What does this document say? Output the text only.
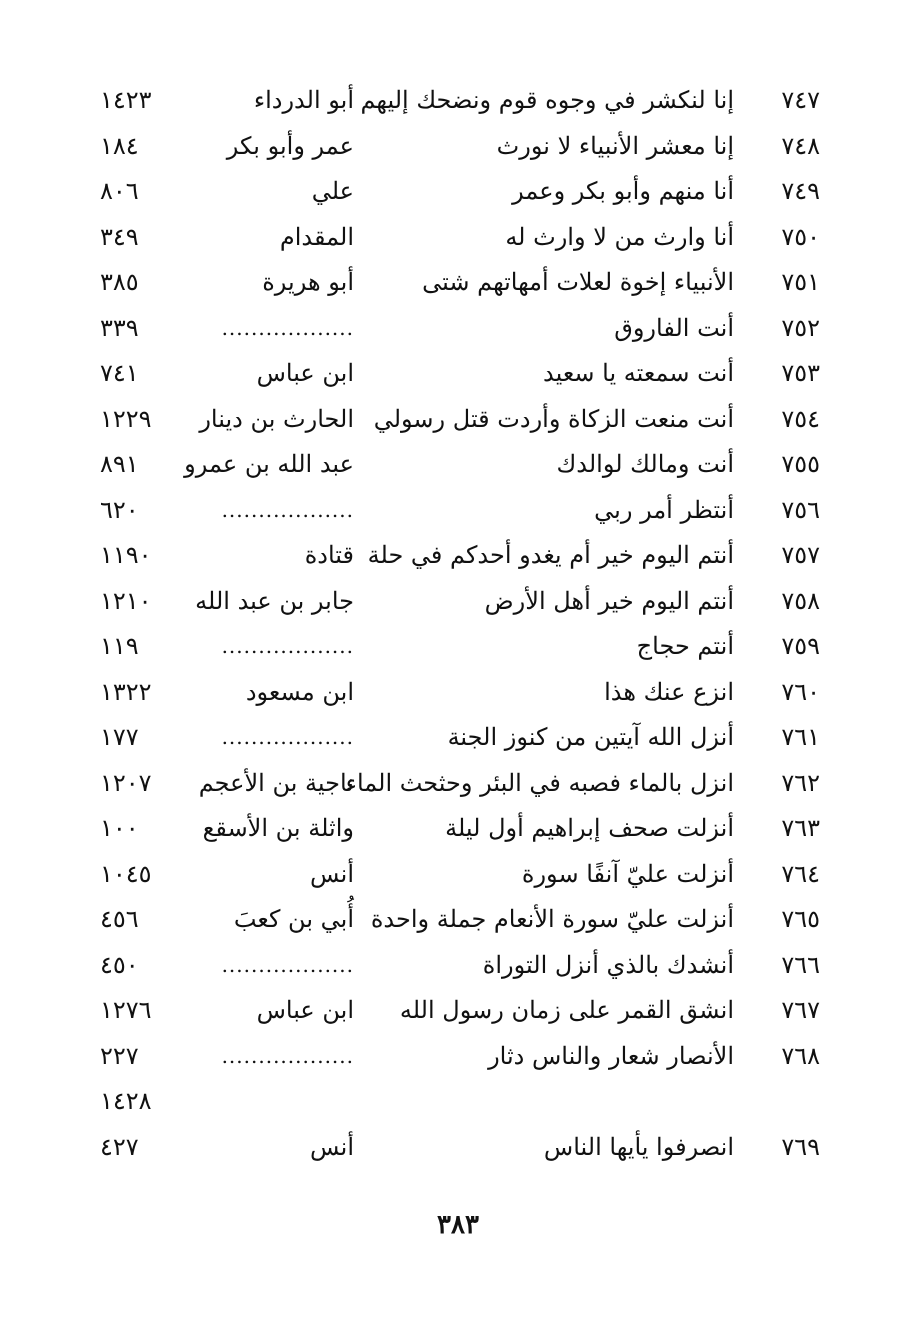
٧٤٧
إنا لنكشر في وجوه قوم ونضحك إليهم
أبو الدرداء
١٤٢٣
٧٤٨
إنا معشر الأنبياء لا نورث
عمر وأبو بكر
١٨٤
٧٤٩
أنا منهم وأبو بكر وعمر
علي
٨٠٦
٧٥٠
أنا وارث من لا وارث له
المقدام
٣٤٩
٧٥١
الأنبياء إخوة لعلات أمهاتهم شتى
أبو هريرة
٣٨٥
٧٥٢
أنت الفاروق
..................
٣٣٩
٧٥٣
أنت سمعته يا سعيد
ابن عباس
٧٤١
٧٥٤
أنت منعت الزكاة وأردت قتل رسولي
الحارث بن دينار
١٢٢٩
٧٥٥
أنت ومالك لوالدك
عبد الله بن عمرو
٨٩١
٧٥٦
أنتظر أمر ربي
..................
٦٢٠
٧٥٧
أنتم اليوم خير أم يغدو أحدكم في حلة
قتادة
١١٩٠
٧٥٨
أنتم اليوم خير أهل الأرض
جابر بن عبد الله
١٢١٠
٧٥٩
أنتم حجاج
..................
١١٩
٧٦٠
انزع عنك هذا
ابن مسعود
١٣٢٢
٧٦١
أنزل الله آيتين من كنوز الجنة
..................
١٧٧
٧٦٢
انزل بالماء فصبه في البئر وحثحث الماء
ناجية بن الأعجم
١٢٠٧
٧٦٣
أنزلت صحف إبراهيم أول ليلة
واثلة بن الأسقع
١٠٠
٧٦٤
أنزلت عليّ آنفًا سورة
أنس
١٠٤٥
٧٦٥
أنزلت عليّ سورة الأنعام جملة واحدة
أُبي بن كعبَ
٤٥٦
٧٦٦
أنشدك بالذي أنزل التوراة
..................
٤٥٠
٧٦٧
انشق القمر على زمان رسول الله
ابن عباس
١٢٧٦
٧٦٨
الأنصار شعار والناس دثار
..................
٢٢٧
١٤٢٨
٧٦٩
انصرفوا يأيها الناس
أنس
٤٢٧
٣٨٣
